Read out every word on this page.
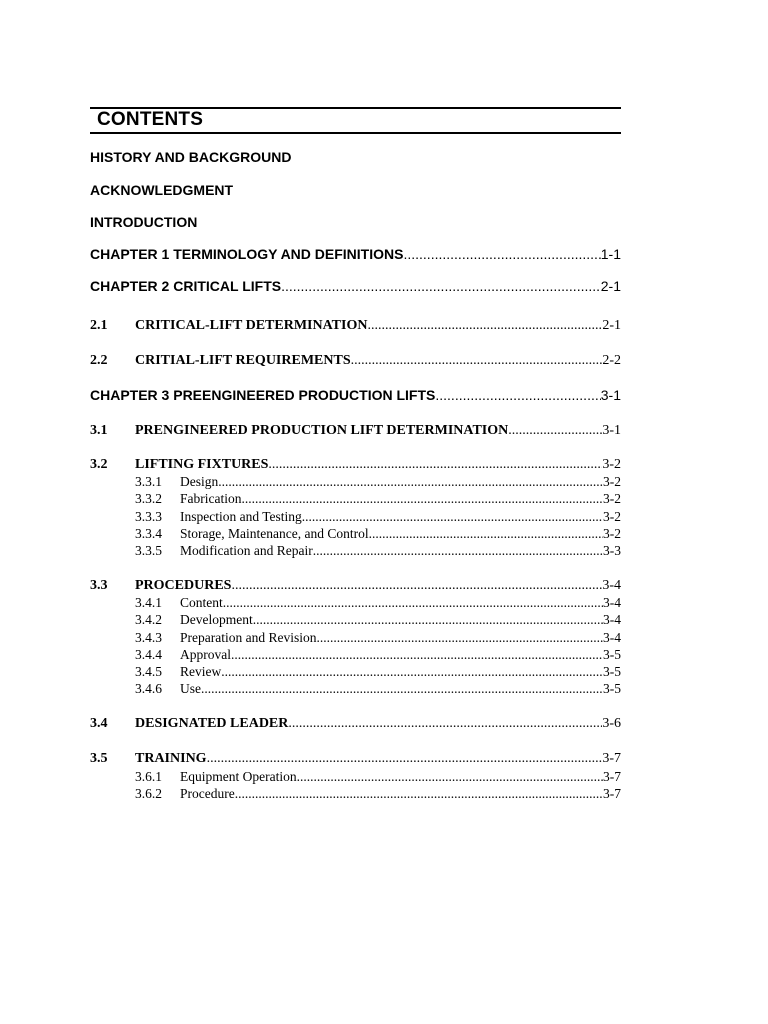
CONTENTS
HISTORY AND BACKGROUND
ACKNOWLEDGMENT
INTRODUCTION
CHAPTER 1 TERMINOLOGY AND DEFINITIONS .....	1-1
CHAPTER 2 CRITICAL LIFTS .....	2-1
2.1	CRITICAL-LIFT DETERMINATION .....	2-1
2.2	CRITIAL-LIFT REQUIREMENTS .....	2-2
CHAPTER 3 PREENGINEERED PRODUCTION LIFTS .....	3-1
3.1	PRENGINEERED PRODUCTION LIFT DETERMINATION .....	3-1
3.2	LIFTING FIXTURES .....	3-2
3.3.1	Design .....	3-2
3.3.2	Fabrication .....	3-2
3.3.3	Inspection and Testing .....	3-2
3.3.4	Storage, Maintenance, and Control .....	3-2
3.3.5	Modification and Repair .....	3-3
3.3	PROCEDURES .....	3-4
3.4.1	Content .....	3-4
3.4.2	Development .....	3-4
3.4.3	Preparation and Revision .....	3-4
3.4.4	Approval .....	3-5
3.4.5	Review .....	3-5
3.4.6	Use .....	3-5
3.4	DESIGNATED LEADER .....	3-6
3.5	TRAINING .....	3-7
3.6.1	Equipment Operation .....	3-7
3.6.2	Procedure .....	3-7
